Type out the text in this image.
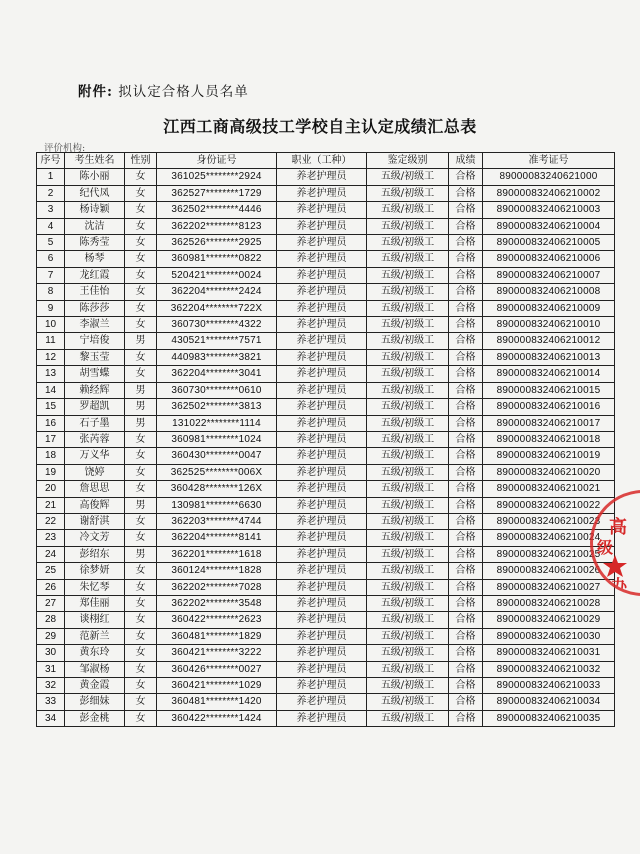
附件: 拟认定合格人员名单
江西工商高级技工学校自主认定成绩汇总表
评价机构:
序号	考生姓名	性别	身份证号	职业（工种）	鉴定级别	成绩	准考证号
1	陈小丽	女	361025********2924	养老护理员	五级/初级工	合格	89000083240621000
2	纪代凤	女	362527********1729	养老护理员	五级/初级工	合格	890000832406210002
3	杨诗颖	女	362502********4446	养老护理员	五级/初级工	合格	890000832406210003
4	沈洁	女	362202********8123	养老护理员	五级/初级工	合格	890000832406210004
5	陈秀莹	女	362526********2925	养老护理员	五级/初级工	合格	890000832406210005
6	杨琴	女	360981********0822	养老护理员	五级/初级工	合格	890000832406210006
7	龙红霞	女	520421********0024	养老护理员	五级/初级工	合格	890000832406210007
8	王佳怡	女	362204********2424	养老护理员	五级/初级工	合格	890000832406210008
9	陈莎莎	女	362204********722X	养老护理员	五级/初级工	合格	890000832406210009
10	李淑兰	女	360730********4322	养老护理员	五级/初级工	合格	890000832406210010
11	宁培俊	男	430521********7571	养老护理员	五级/初级工	合格	890000832406210012
12	黎玉莹	女	440983********3821	养老护理员	五级/初级工	合格	890000832406210013
13	胡雪蝶	女	362204********3041	养老护理员	五级/初级工	合格	890000832406210014
14	赖经辉	男	360730********0610	养老护理员	五级/初级工	合格	890000832406210015
15	罗超凯	男	362502********3813	养老护理员	五级/初级工	合格	890000832406210016
16	石子墨	男	131022********1114	养老护理员	五级/初级工	合格	890000832406210017
17	张芮蓉	女	360981********1024	养老护理员	五级/初级工	合格	890000832406210018
18	万义华	女	360430********0047	养老护理员	五级/初级工	合格	890000832406210019
19	饶婷	女	362525********006X	养老护理员	五级/初级工	合格	890000832406210020
20	詹思思	女	360428********126X	养老护理员	五级/初级工	合格	890000832406210021
21	高俊辉	男	130981********6630	养老护理员	五级/初级工	合格	890000832406210022
22	谢舒淇	女	362203********4744	养老护理员	五级/初级工	合格	890000832406210023
23	冷文芳	女	362204********8141	养老护理员	五级/初级工	合格	890000832406210024
24	彭绍东	男	362201********1618	养老护理员	五级/初级工	合格	890000832406210025
25	徐梦妍	女	360124********1828	养老护理员	五级/初级工	合格	890000832406210026
26	朱忆琴	女	362202********7028	养老护理员	五级/初级工	合格	890000832406210027
27	郑佳丽	女	362202********3548	养老护理员	五级/初级工	合格	890000832406210028
28	谈栩红	女	360422********2623	养老护理员	五级/初级工	合格	890000832406210029
29	范新兰	女	360481********1829	养老护理员	五级/初级工	合格	890000832406210030
30	黄东玲	女	360421********3222	养老护理员	五级/初级工	合格	890000832406210031
31	邹淑杨	女	360426********0027	养老护理员	五级/初级工	合格	890000832406210032
32	黄金霞	女	360421********1029	养老护理员	五级/初级工	合格	890000832406210033
33	彭细妹	女	360481********1420	养老护理员	五级/初级工	合格	890000832406210034
34	彭金桃	女	360422********1424	养老护理员	五级/初级工	合格	890000832406210035
高
级
办
